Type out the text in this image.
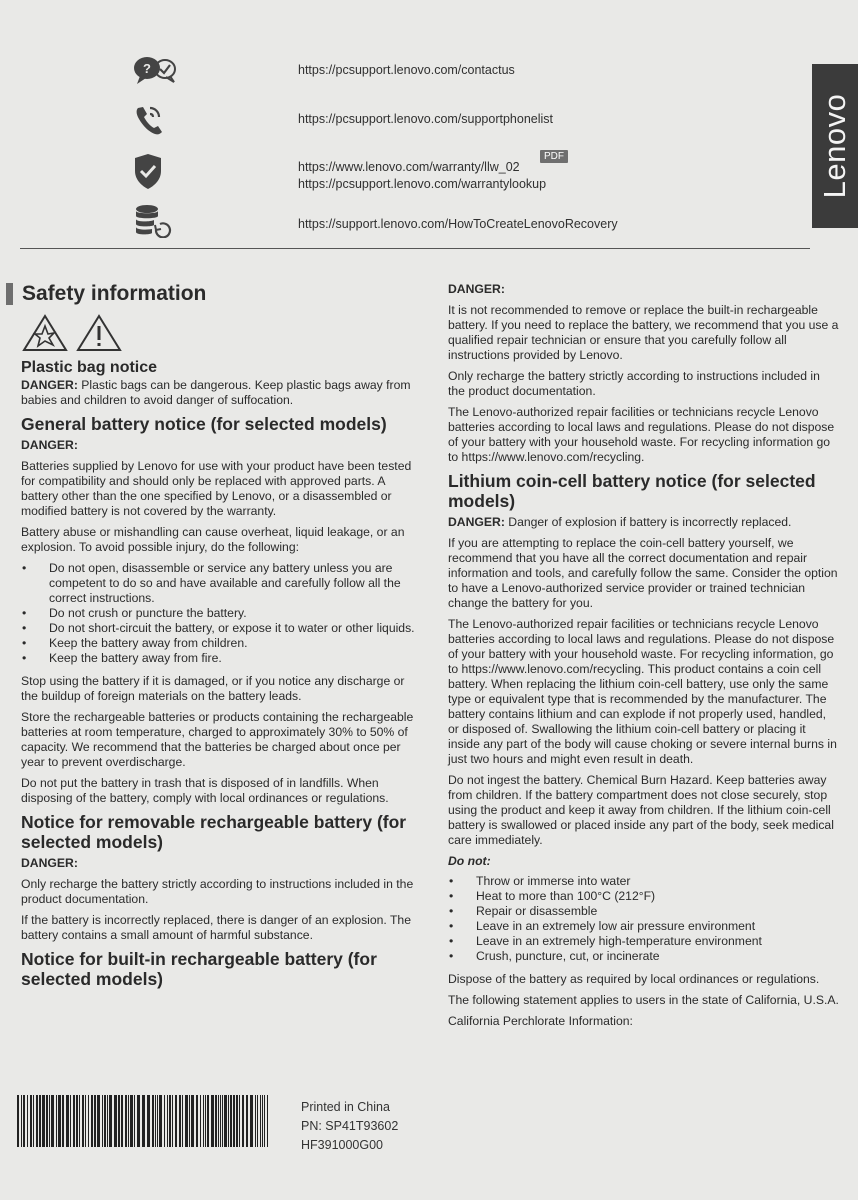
?	https://pcsupport.lenovo.com/contactus
https://pcsupport.lenovo.com/supportphonelist
https://www.lenovo.com/warranty/llw_02
PDF
https://pcsupport.lenovo.com/warrantylookup
https://support.lenovo.com/HowToCreateLenovoRecovery
Lenovo
Safety information
Plastic bag notice

DANGER: Plastic bags can be dangerous. Keep plastic bags away from babies and children to avoid danger of suffocation.

General battery notice (for selected models)
DANGER:

Batteries supplied by Lenovo for use with your product have been tested for compatibility and should only be replaced with approved parts. A battery other than the one specified by Lenovo, or a disassembled or modified battery is not covered by the warranty.

Battery abuse or mishandling can cause overheat, liquid leakage, or an explosion. To avoid possible injury, do the following:

• Do not open, disassemble or service any battery unless you are competent to do so and have available and carefully follow all the correct instructions.
• Do not crush or puncture the battery.
• Do not short-circuit the battery, or expose it to water or other liquids.
• Keep the battery away from children.
• Keep the battery away from fire.

Stop using the battery if it is damaged, or if you notice any discharge or the buildup of foreign materials on the battery leads.

Store the rechargeable batteries or products containing the rechargeable batteries at room temperature, charged to approximately 30% to 50% of capacity. We recommend that the batteries be charged about once per year to prevent overdischarge.

Do not put the battery in trash that is disposed of in landfills. When disposing of the battery, comply with local ordinances or regulations.

Notice for removable rechargeable battery (for selected models)
DANGER:

Only recharge the battery strictly according to instructions included in the product documentation.

If the battery is incorrectly replaced, there is danger of an explosion. The battery contains a small amount of harmful substance.

Notice for built-in rechargeable battery (for selected models)
DANGER:

It is not recommended to remove or replace the built-in rechargeable battery. If you need to replace the battery, we recommend that you use a qualified repair technician or ensure that you carefully follow all instructions provided by Lenovo.

Only recharge the battery strictly according to instructions included in the product documentation.

The Lenovo-authorized repair facilities or technicians recycle Lenovo batteries according to local laws and regulations. Please do not dispose of your battery with your household waste. For recycling information go to https://www.lenovo.com/recycling.

Lithium coin-cell battery notice (for selected models)

DANGER: Danger of explosion if battery is incorrectly replaced.

If you are attempting to replace the coin-cell battery yourself, we recommend that you have all the correct documentation and repair information and tools, and carefully follow the same. Consider the option to have a Lenovo-authorized service provider or trained technician change the battery for you.

The Lenovo-authorized repair facilities or technicians recycle Lenovo batteries according to local laws and regulations. Please do not dispose of your battery with your household waste. For recycling information, go to https://www.lenovo.com/recycling. This product contains a coin cell battery. When replacing the lithium coin-cell battery, use only the same type or equivalent type that is recommended by the manufacturer. The battery contains lithium and can explode if not properly used, handled, or disposed of. Swallowing the lithium coin-cell battery or placing it inside any part of the body will cause choking or severe internal burns in just two hours and might even result in death.

Do not ingest the battery. Chemical Burn Hazard. Keep batteries away from children. If the battery compartment does not close securely, stop using the product and keep it away from children. If the lithium coin-cell battery is swallowed or placed inside any part of the body, seek medical care immediately.

Do not:
• Throw or immerse into water
• Heat to more than 100°C (212°F)
• Repair or disassemble
• Leave in an extremely low air pressure environment
• Leave in an extremely high-temperature environment
• Crush, puncture, cut, or incinerate

Dispose of the battery as required by local ordinances or regulations.

The following statement applies to users in the state of California, U.S.A.

California Perchlorate Information:

Printed in China
PN: SP41T93602
HF391000G00
